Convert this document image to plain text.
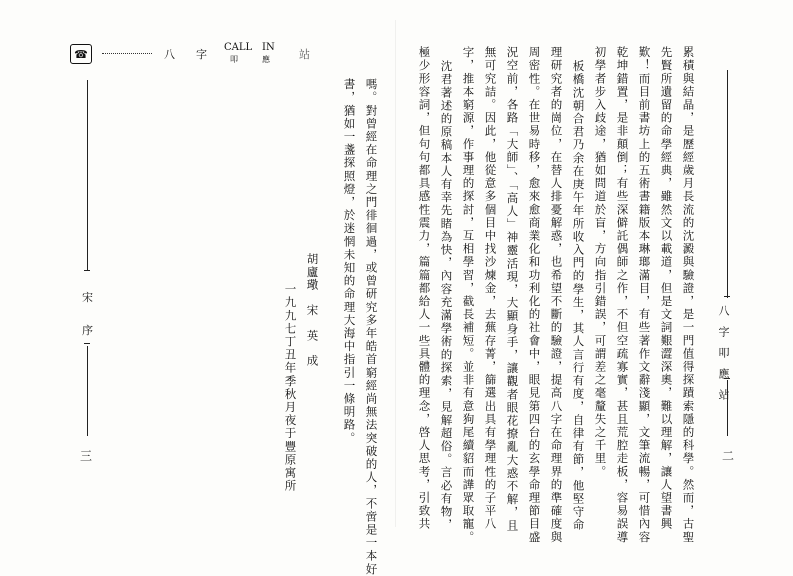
☎	八 字
CALL
叩
IN
應	站
宋
序
三	嗎。對曾經在命理之門徘徊過，或曾研究多年皓首窮經尚無法突破的人，不啻是一本好
書，猶如一盞探照燈，於迷惘未知的命理大海中指引一條明路。
胡廬璥　宋　英　成
一九九七丁丑年季秋月夜于豐原寓所	八字叩應站
二
累積與結晶，是歷經歲月長流的沈澱與驗證，是一門值得探蹟索隱的科學。然而，古聖
先賢所遺留的命學經典，雖然文以載道，但是文詞艱澀深奧，難以理解，讓人望書興
歎！而目前書坊上的五術書籍版本琳瑯滿目，有些著作文辭淺顯，文筆流暢，可惜內容
乾坤錯置，是非顛倒；有些深僻託偶師之作，不但空疏寡實，甚且荒腔走板，容易誤導
初學者步入歧途，猶如問道於盲，方向指引錯誤，可謂差之毫釐失之千里。
板橋沈朝合君乃余在庚午年所收入門的學生，其人言行有度，自律有節，他堅守命
理研究者的崗位，在替人排憂解惑，也希望不斷的驗證，提高八字在命理界的準確度與
周密性。在世易時移，愈來愈商業化和功利化的社會中，眼見第四台的玄學命理節目盛
況空前，各路「大師」、「高人」神靈活現，大顯身手，讓觀者眼花撩亂大惑不解，且
無可究詰。因此，他從意多個目中找沙煉金，去蕪存菁，篩選出具有學理性的子平八
字，推本窮源，作事理的探討，互相學習，截長補短。並非有意狗尾續貂而譁眾取寵。
沈君著述的原稿本人有幸先睹為快，內容充滿學術的探索，見解超俗。言必有物，
極少形容詞，但句句都具感性震力，篇篇都給人一些具體的理念，啓人思考，引致共
